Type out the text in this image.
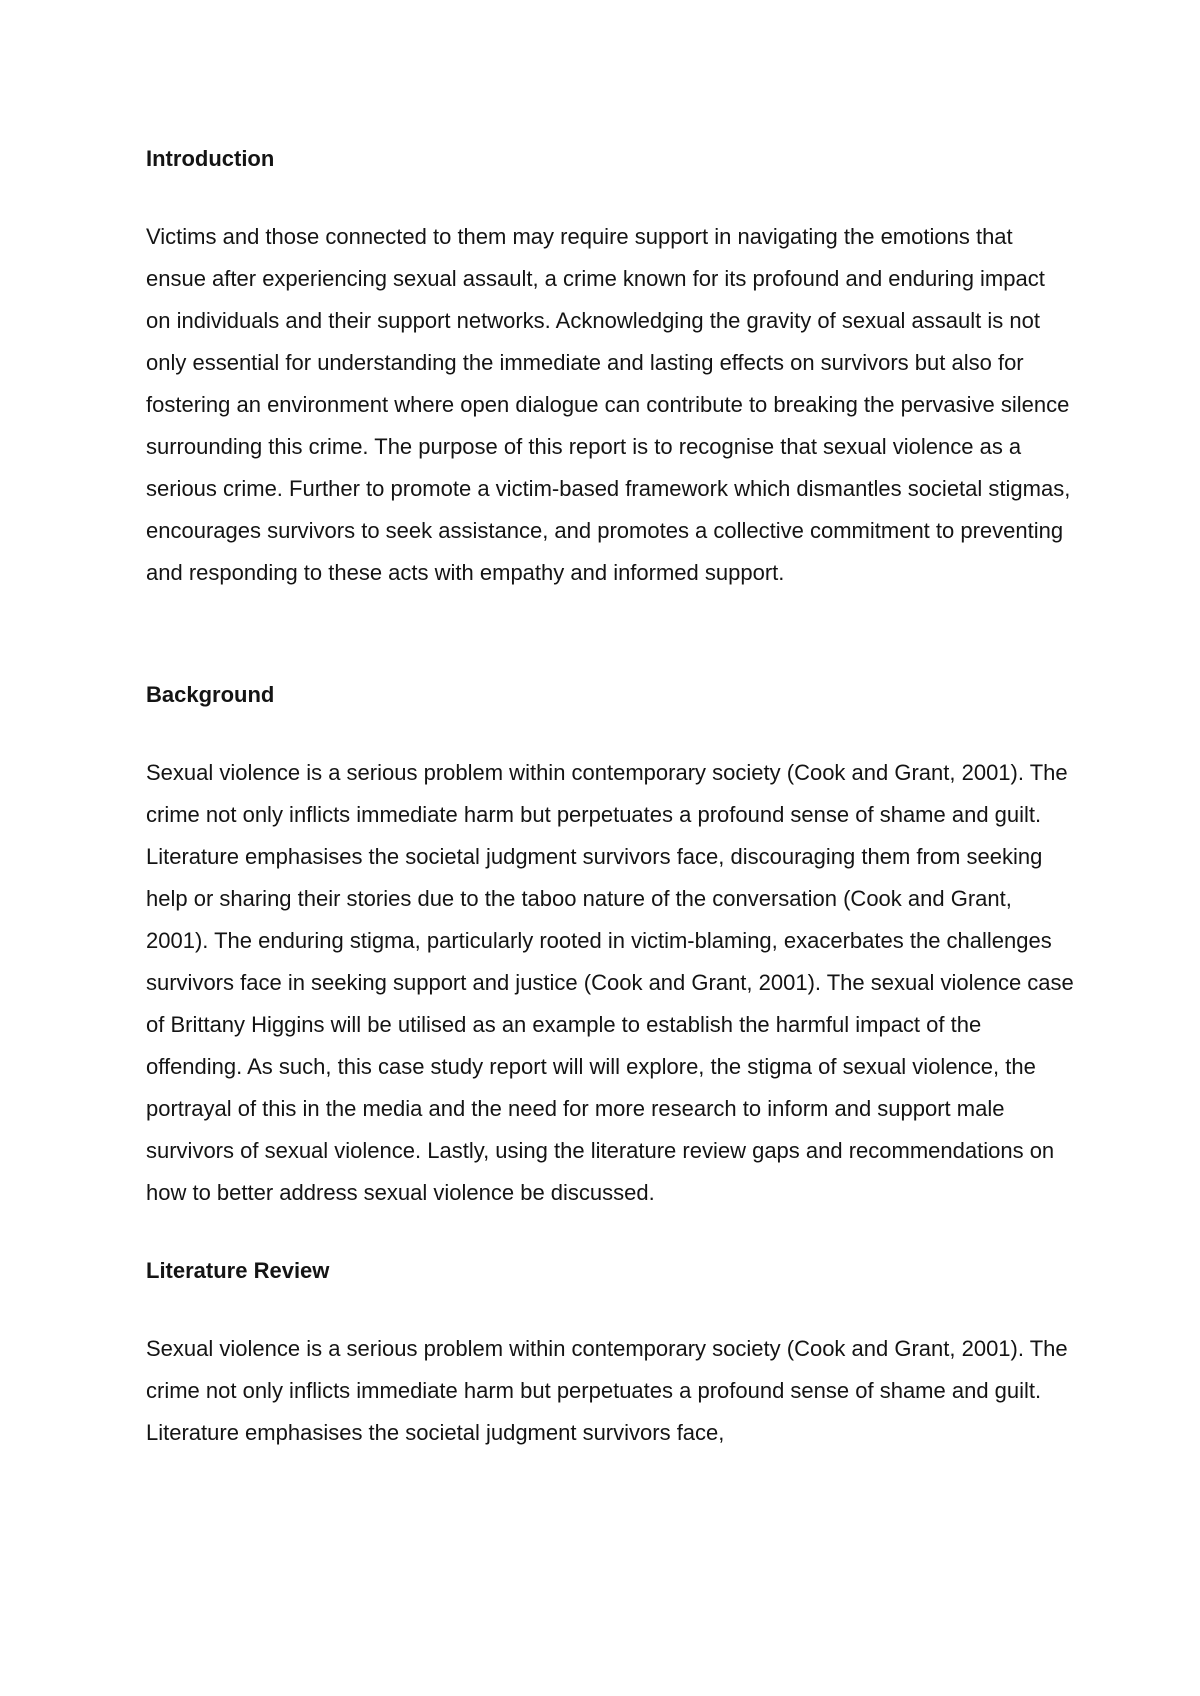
Introduction

Victims and those connected to them may require support in navigating the emotions that ensue after experiencing sexual assault, a crime known for its profound and enduring impact on individuals and their support networks. Acknowledging the gravity of sexual assault is not only essential for understanding the immediate and lasting effects on survivors but also for fostering an environment where open dialogue can contribute to breaking the pervasive silence surrounding this crime. The purpose of this report is to recognise that sexual violence as a serious crime. Further to promote a victim-based framework which dismantles societal stigmas, encourages survivors to seek assistance, and promotes a collective commitment to preventing and responding to these acts with empathy and informed support.

Background

Sexual violence is a serious problem within contemporary society (Cook and Grant, 2001). The crime not only inflicts immediate harm but perpetuates a profound sense of shame and guilt. Literature emphasises the societal judgment survivors face, discouraging them from seeking help or sharing their stories due to the taboo nature of the conversation (Cook and Grant, 2001). The enduring stigma, particularly rooted in victim-blaming, exacerbates the challenges survivors face in seeking support and justice (Cook and Grant, 2001). The sexual violence case of Brittany Higgins will be utilised as an example to establish the harmful impact of the offending. As such, this case study report will will explore, the stigma of sexual violence, the portrayal of this in the media and the need for more research to inform and support male survivors of sexual violence. Lastly, using the literature review gaps and recommendations on how to better address sexual violence be discussed.

Literature Review

Sexual violence is a serious problem within contemporary society (Cook and Grant, 2001). The crime not only inflicts immediate harm but perpetuates a profound sense of shame and guilt. Literature emphasises the societal judgment survivors face,
